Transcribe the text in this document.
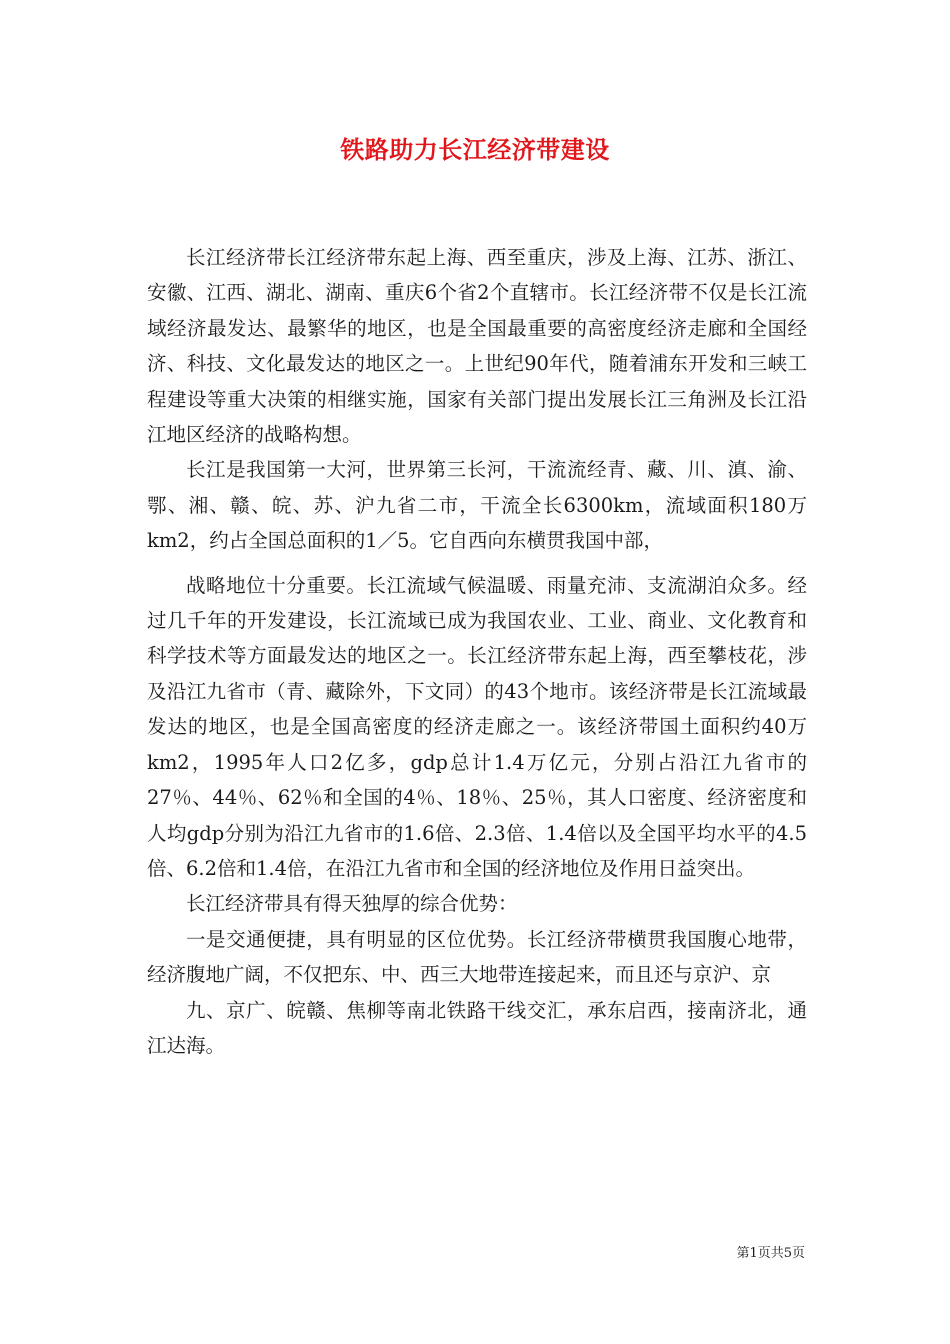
铁路助力长江经济带建设

长江经济带长江经济带东起上海、西至重庆，涉及上海、江苏、浙江、安徽、江西、湖北、湖南、重庆6个省2个直辖市。长江经济带不仅是长江流域经济最发达、最繁华的地区，也是全国最重要的高密度经济走廊和全国经济、科技、文化最发达的地区之一。上世纪90年代，随着浦东开发和三峡工程建设等重大决策的相继实施，国家有关部门提出发展长江三角洲及长江沿江地区经济的战略构想。

长江是我国第一大河，世界第三长河，干流流经青、藏、川、滇、渝、鄂、湘、赣、皖、苏、沪九省二市，干流全长6300km，流域面积180万km2，约占全国总面积的1／5。它自西向东横贯我国中部，

战略地位十分重要。长江流域气候温暖、雨量充沛、支流湖泊众多。经过几千年的开发建设，长江流域已成为我国农业、工业、商业、文化教育和科学技术等方面最发达的地区之一。长江经济带东起上海，西至攀枝花，涉及沿江九省市（青、藏除外，下文同）的43个地市。该经济带是长江流域最发达的地区，也是全国高密度的经济走廊之一。该经济带国土面积约40万km2，1995年人口2亿多，gdp总计1.4万亿元，分别占沿江九省市的27％、44％、62％和全国的4％、18％、25％，其人口密度、经济密度和人均gdp分别为沿江九省市的1.6倍、2.3倍、1.4倍以及全国平均水平的4.5倍、6.2倍和1.4倍，在沿江九省市和全国的经济地位及作用日益突出。

长江经济带具有得天独厚的综合优势：

一是交通便捷，具有明显的区位优势。长江经济带横贯我国腹心地带，经济腹地广阔，不仅把东、中、西三大地带连接起来，而且还与京沪、京

九、京广、皖赣、焦柳等南北铁路干线交汇，承东启西，接南济北，通江达海。

第1页共5页
